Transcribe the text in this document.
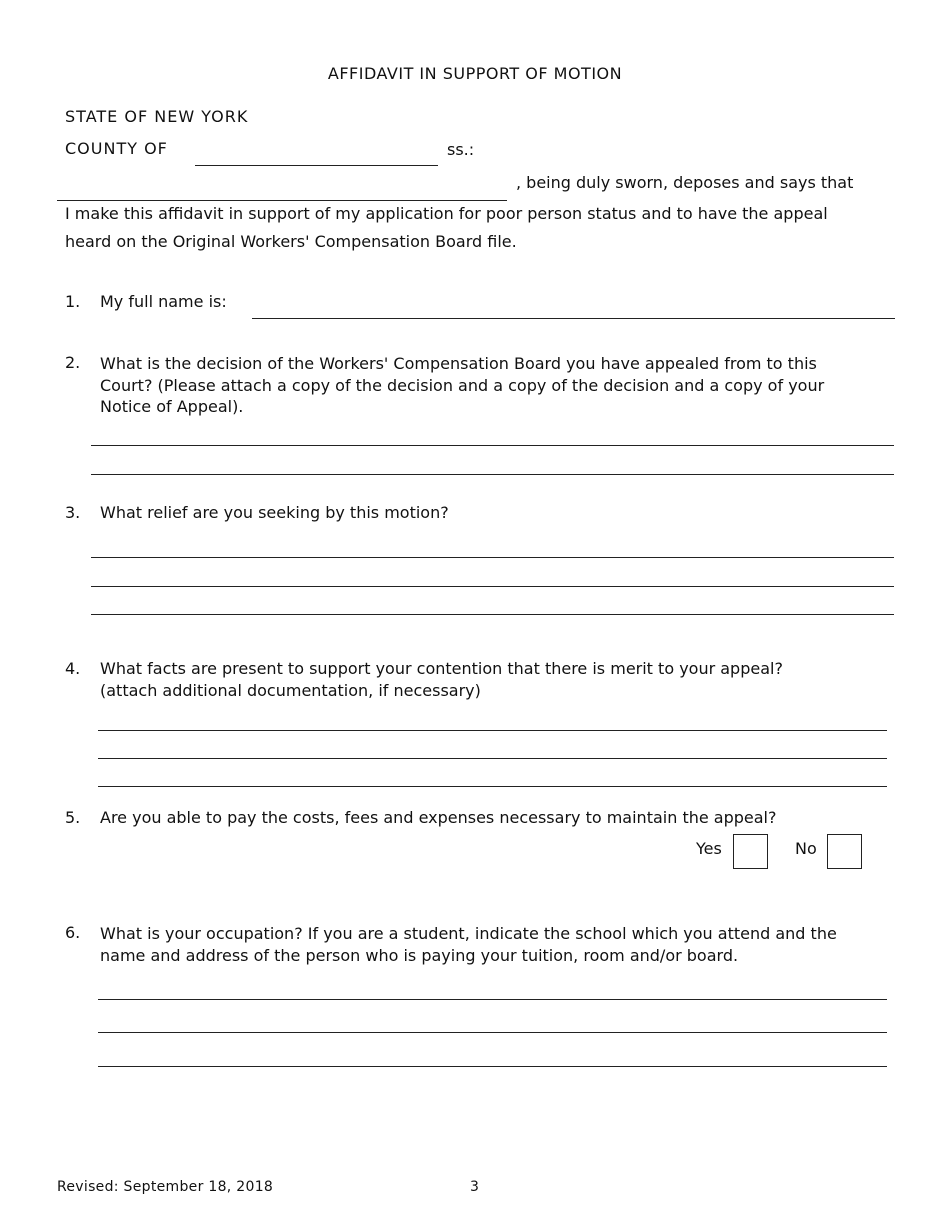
AFFIDAVIT IN SUPPORT OF MOTION
STATE OF NEW YORK
COUNTY OF	ss.:
, being duly sworn, deposes and says that
I make this affidavit in support of my application for poor person status and to have the appeal heard on the Original Workers' Compensation Board file.
1. My full name is:
2. What is the decision of the Workers' Compensation Board you have appealed from to this Court? (Please attach a copy of the decision and a copy of the decision and a copy of your Notice of Appeal).
3. What relief are you seeking by this motion?
4. What facts are present to support your contention that there is merit to your appeal?
(attach additional documentation, if necessary)
5. Are you able to pay the costs, fees and expenses necessary to maintain the appeal?
Yes	No
6. What is your occupation? If you are a student, indicate the school which you attend and the name and address of the person who is paying your tuition, room and/or board.
Revised: September 18, 2018	3
